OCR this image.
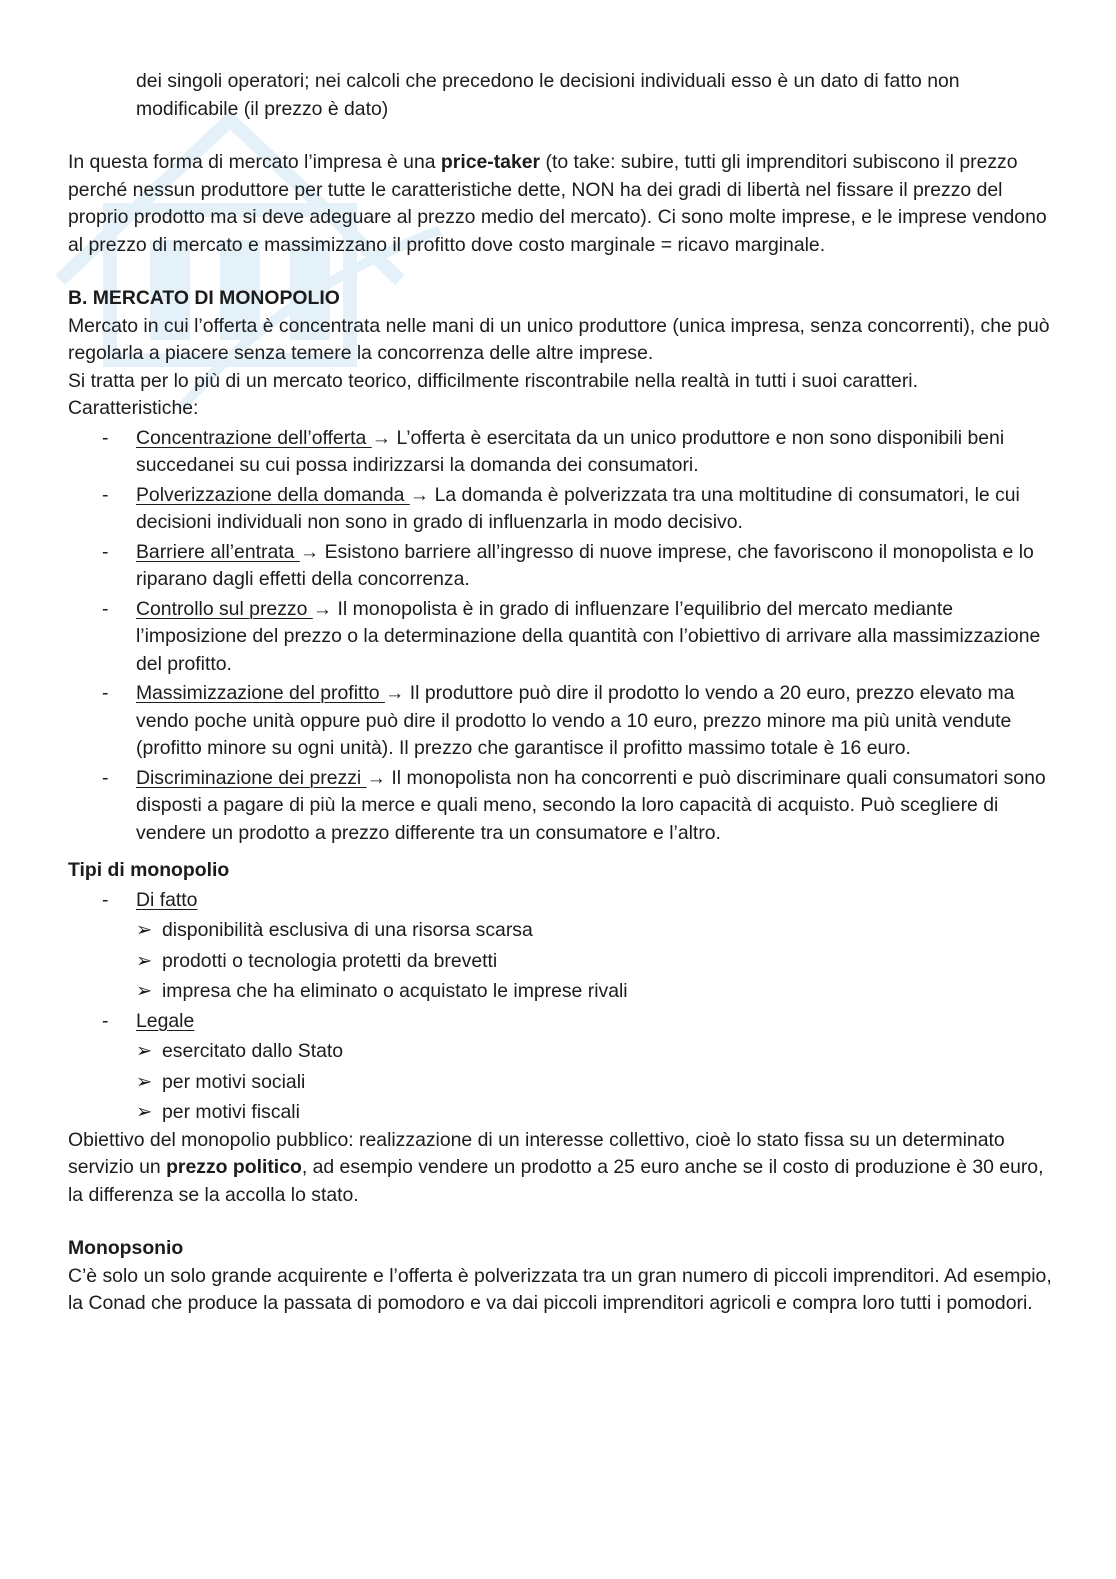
dei singoli operatori; nei calcoli che precedono le decisioni individuali esso è un dato di fatto non modificabile (il prezzo è dato)

In questa forma di mercato l’impresa è una price-taker (to take: subire, tutti gli imprenditori subiscono il prezzo perché nessun produttore per tutte le caratteristiche dette, NON ha dei gradi di libertà nel fissare il prezzo del proprio prodotto ma si deve adeguare al prezzo medio del mercato). Ci sono molte imprese, e le imprese vendono al prezzo di mercato e massimizzano il profitto dove costo marginale = ricavo marginale.

B. MERCATO DI MONOPOLIO

Mercato in cui l’offerta è concentrata nelle mani di un unico produttore (unica impresa, senza concorrenti), che può regolarla a piacere senza temere la concorrenza delle altre imprese.

Si tratta per lo più di un mercato teorico, difficilmente riscontrabile nella realtà in tutti i suoi caratteri.

Caratteristiche:

- Concentrazione dell’offerta → L’offerta è esercitata da un unico produttore e non sono disponibili beni succedanei su cui possa indirizzarsi la domanda dei consumatori.
- Polverizzazione della domanda → La domanda è polverizzata tra una moltitudine di consumatori, le cui decisioni individuali non sono in grado di influenzarla in modo decisivo.
- Barriere all’entrata → Esistono barriere all’ingresso di nuove imprese, che favoriscono il monopolista e lo riparano dagli effetti della concorrenza.
- Controllo sul prezzo → Il monopolista è in grado di influenzare l’equilibrio del mercato mediante l’imposizione del prezzo o la determinazione della quantità con l’obiettivo di arrivare alla massimizzazione del profitto.
- Massimizzazione del profitto → Il produttore può dire il prodotto lo vendo a 20 euro, prezzo elevato ma vendo poche unità oppure può dire il prodotto lo vendo a 10 euro, prezzo minore ma più unità vendute (profitto minore su ogni unità). Il prezzo che garantisce il profitto massimo totale è 16 euro.
- Discriminazione dei prezzi → Il monopolista non ha concorrenti e può discriminare quali consumatori sono disposti a pagare di più la merce e quali meno, secondo la loro capacità di acquisto. Può scegliere di vendere un prodotto a prezzo differente tra un consumatore e l’altro.

Tipi di monopolio

- Di fatto
➢ disponibilità esclusiva di una risorsa scarsa
➢ prodotti o tecnologia protetti da brevetti
➢ impresa che ha eliminato o acquistato le imprese rivali
- Legale
➢ esercitato dallo Stato
➢ per motivi sociali
➢ per motivi fiscali

Obiettivo del monopolio pubblico: realizzazione di un interesse collettivo, cioè lo stato fissa su un determinato servizio un prezzo politico, ad esempio vendere un prodotto a 25 euro anche se il costo di produzione è 30 euro, la differenza se la accolla lo stato.

Monopsonio

C’è solo un solo grande acquirente e l’offerta è polverizzata tra un gran numero di piccoli imprenditori. Ad esempio, la Conad che produce la passata di pomodoro e va dai piccoli imprenditori agricoli e compra loro tutti i pomodori.
